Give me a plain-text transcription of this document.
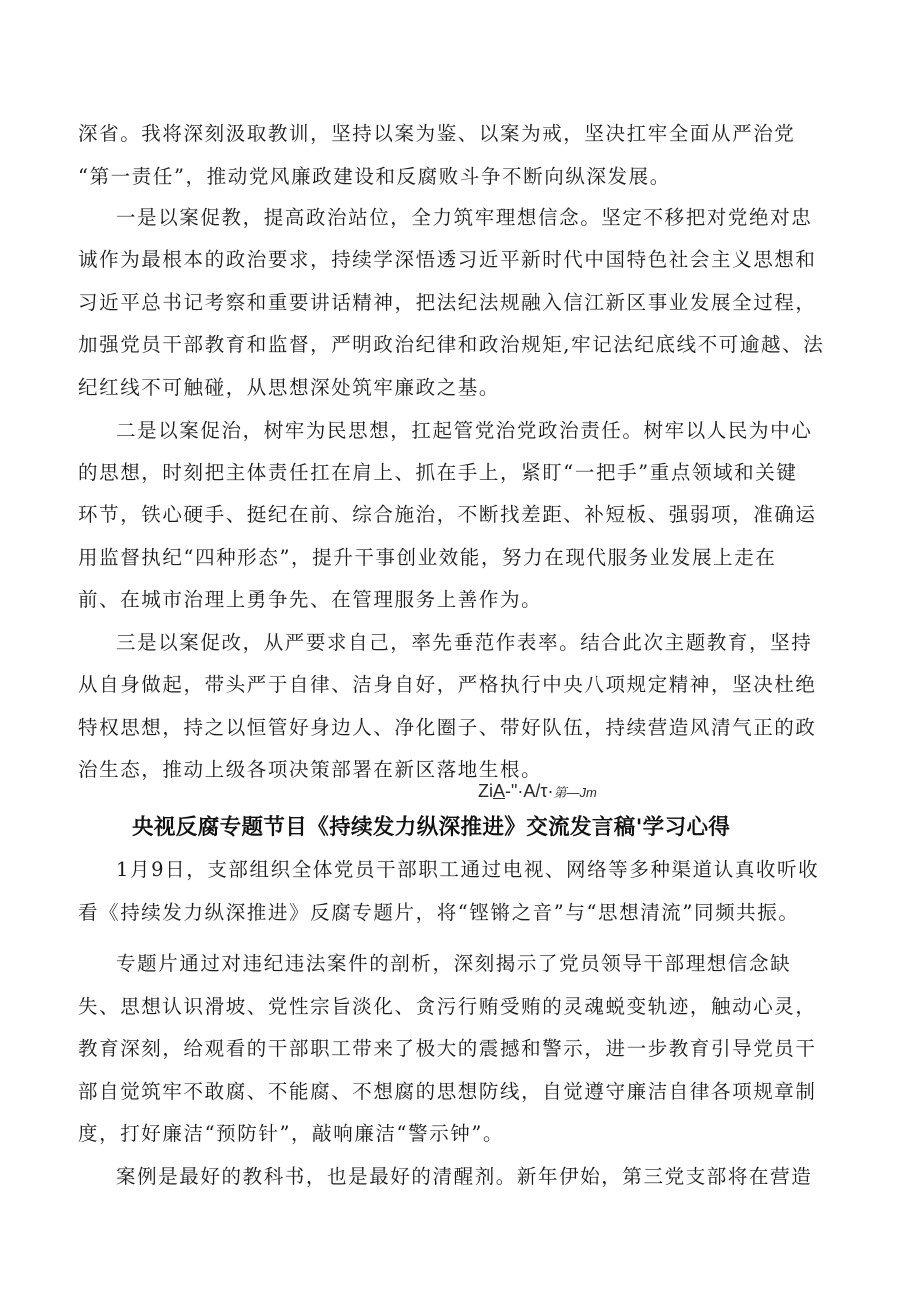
深省。我将深刻汲取教训，坚持以案为鉴、以案为戒，坚决扛牢全面从严治党
“第一责任”，推动党风廉政建设和反腐败斗争不断向纵深发展。
一是以案促教，提高政治站位，全力筑牢理想信念。坚定不移把对党绝对忠
诚作为最根本的政治要求，持续学深悟透习近平新时代中国特色社会主义思想和
习近平总书记考察和重要讲话精神，把法纪法规融入信江新区事业发展全过程，
加强党员干部教育和监督，严明政治纪律和政治规矩,牢记法纪底线不可逾越、法
纪红线不可触碰，从思想深处筑牢廉政之基。
二是以案促治，树牢为民思想，扛起管党治党政治责任。树牢以人民为中心
的思想，时刻把主体责任扛在肩上、抓在手上，紧盯“一把手”重点领域和关键
环节，铁心硬手、挺纪在前、综合施治，不断找差距、补短板、强弱项，准确运
用监督执纪“四种形态”，提升干事创业效能，努力在现代服务业发展上走在
前、在城市治理上勇争先、在管理服务上善作为。
三是以案促改，从严要求自己，率先垂范作表率。结合此次主题教育，坚持
从自身做起，带头严于自律、洁身自好，严格执行中央八项规定精神，坚决杜绝
特权思想，持之以恒管好身边人、净化圈子、带好队伍，持续营造风清气正的政
治生态，推动上级各项决策部署在新区落地生根。
ZiA-"·A/τ·第—Jm
央视反腐专题节目《持续发力纵深推进》交流发言稿'学习心得
1月9日，支部组织全体党员干部职工通过电视、网络等多种渠道认真收听收
看《持续发力纵深推进》反腐专题片，将“铿锵之音”与“思想清流”同频共振。
专题片通过对违纪违法案件的剖析，深刻揭示了党员领导干部理想信念缺
失、思想认识滑坡、党性宗旨淡化、贪污行贿受贿的灵魂蜕变轨迹，触动心灵，
教育深刻，给观看的干部职工带来了极大的震撼和警示，进一步教育引导党员干
部自觉筑牢不敢腐、不能腐、不想腐的思想防线，自觉遵守廉洁自律各项规章制
度，打好廉洁“预防针”，敲响廉洁“警示钟”。
案例是最好的教科书，也是最好的清醒剂。新年伊始，第三党支部将在营造
